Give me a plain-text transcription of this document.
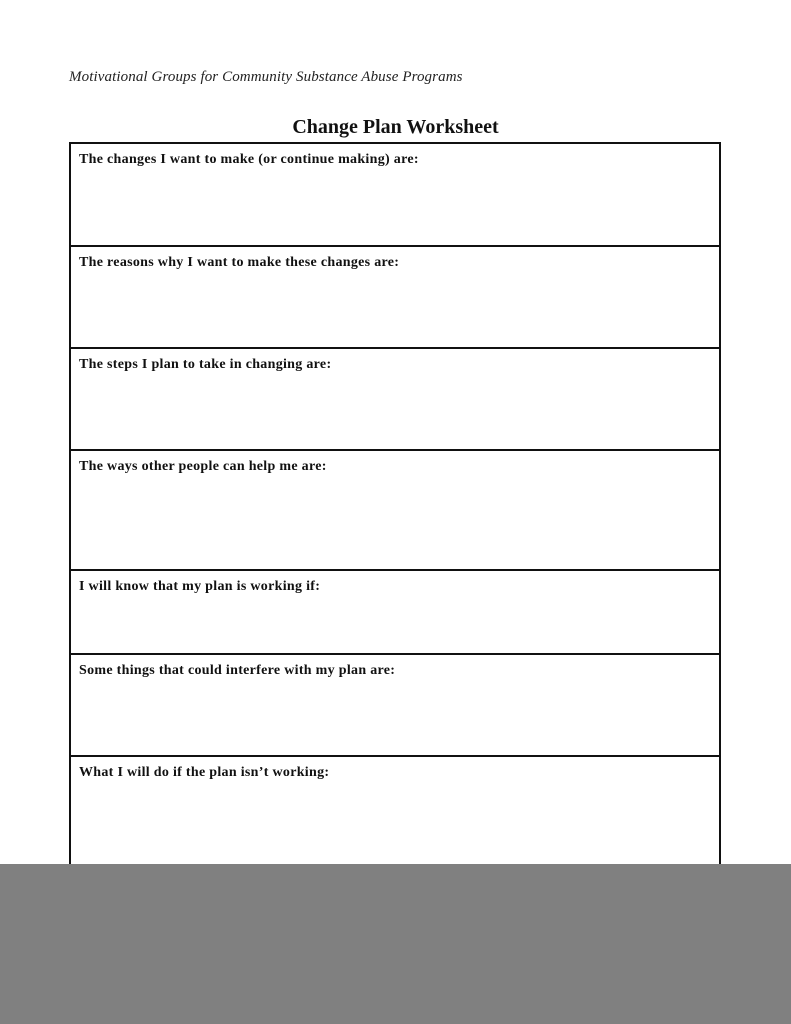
Motivational Groups for Community Substance Abuse Programs
Change Plan Worksheet
The changes I want to make (or continue making) are:
The reasons why I want to make these changes are:
The steps I plan to take in changing are:
The ways other people can help me are:
I will know that my plan is working if:
Some things that could interfere with my plan are:
What I will do if the plan isn’t working:
